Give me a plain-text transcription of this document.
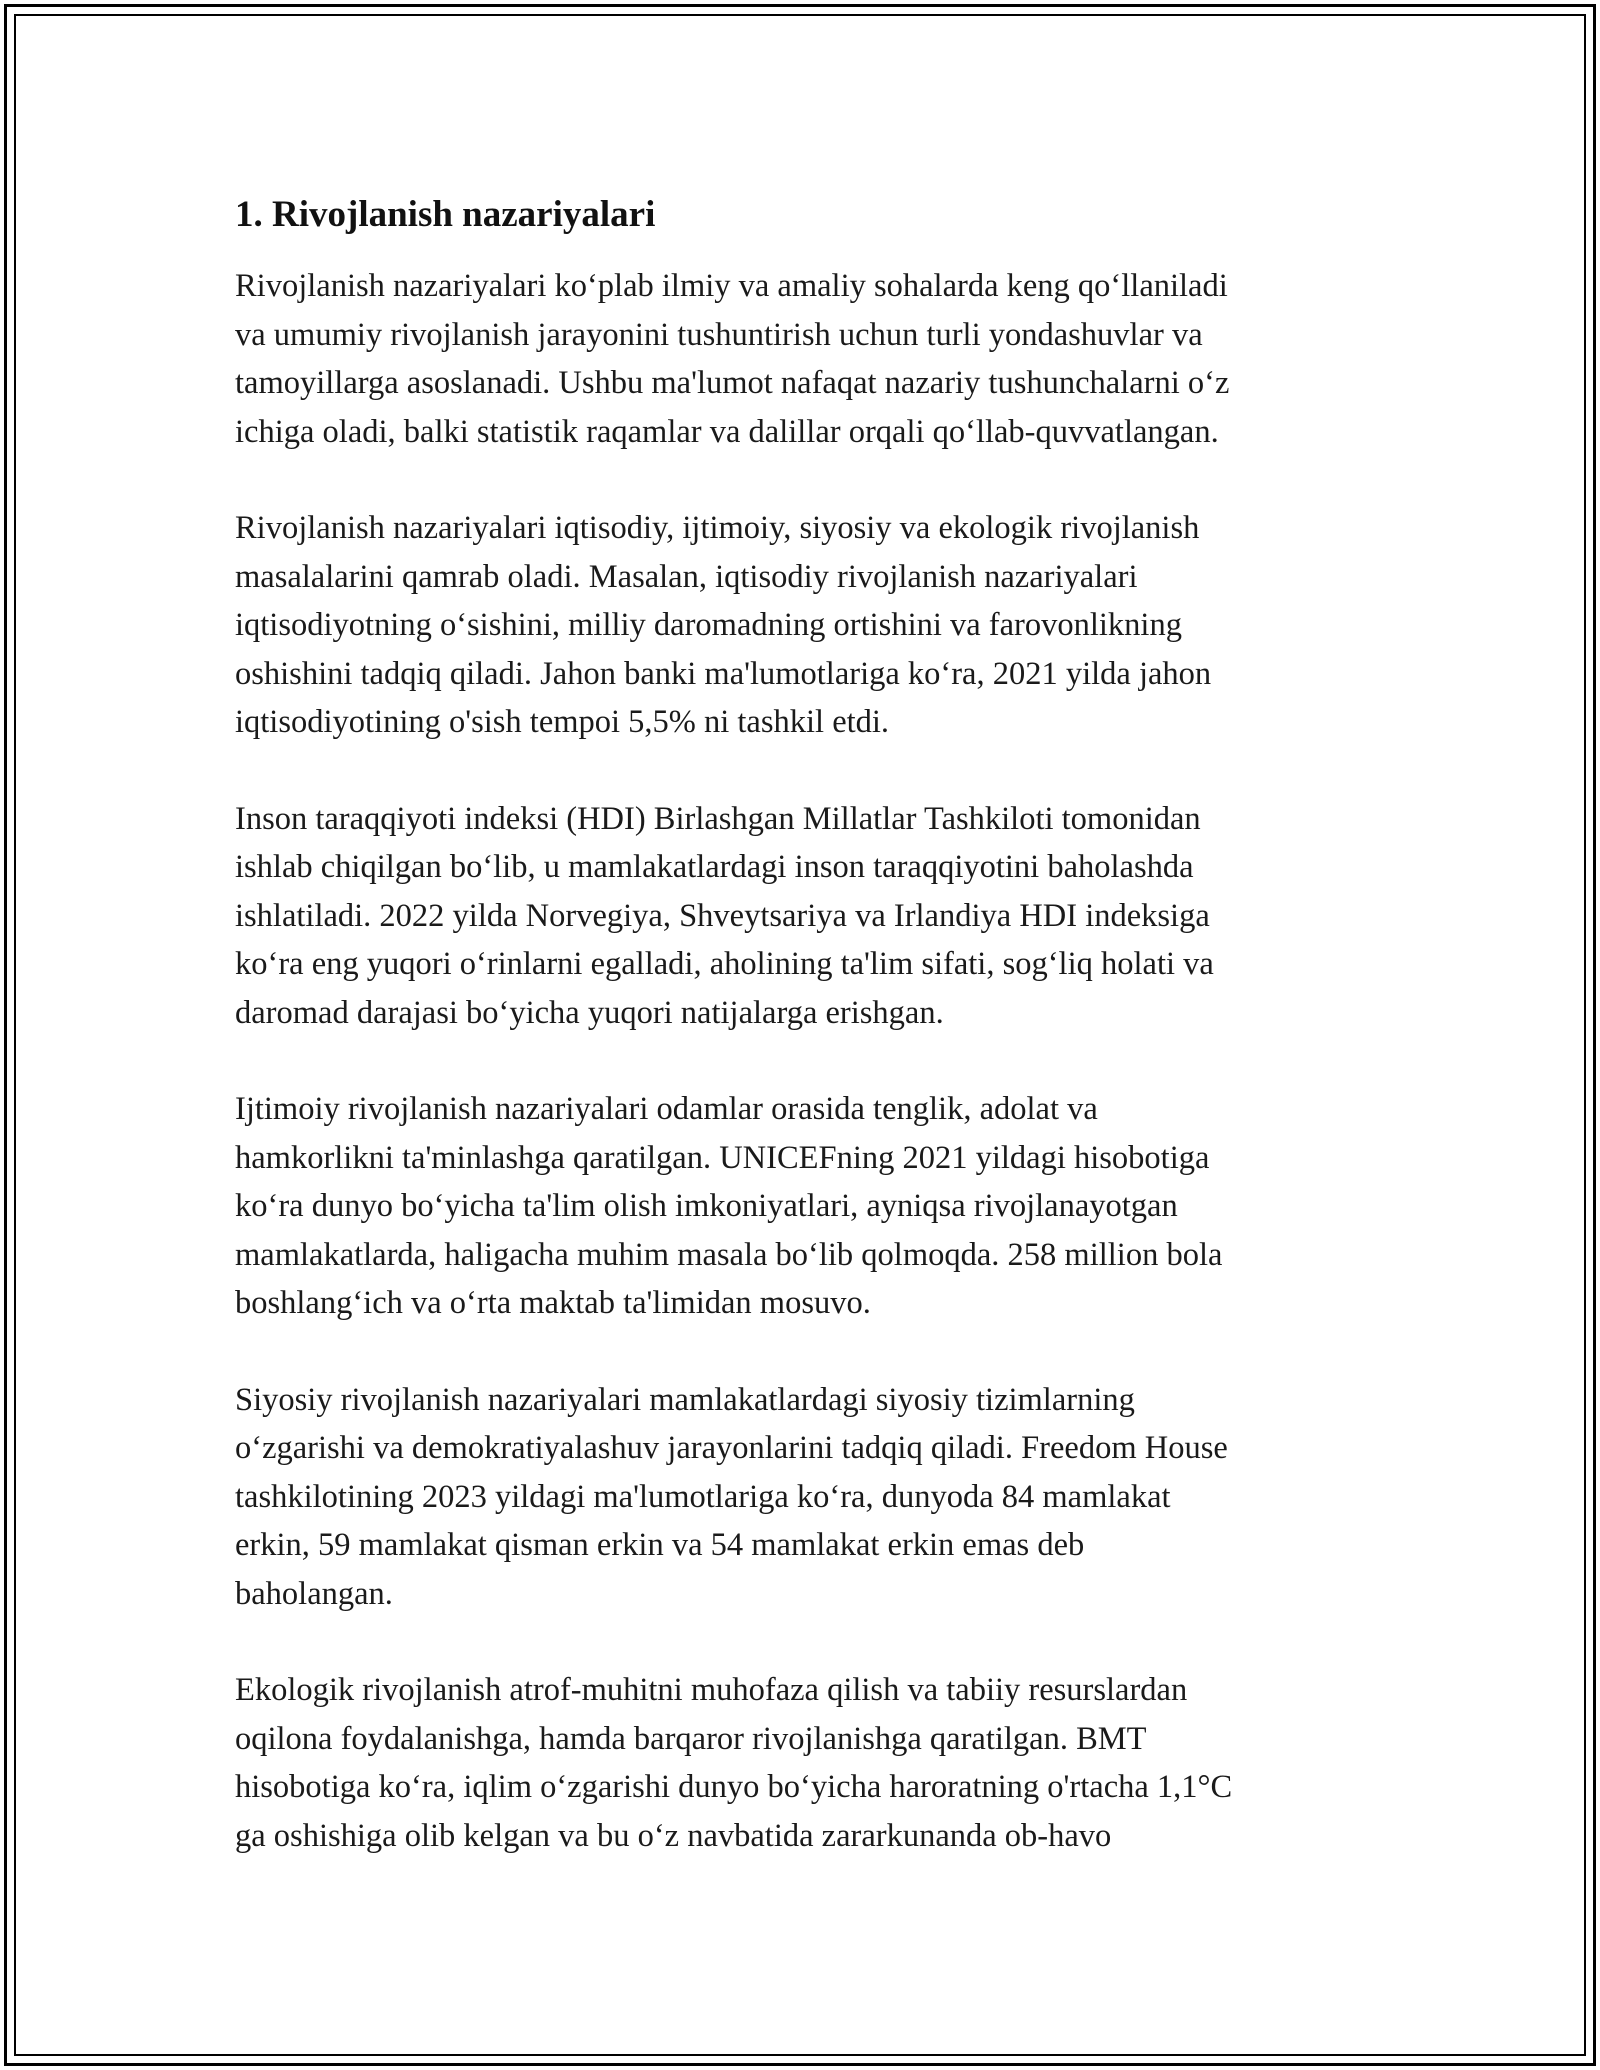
1. Rivojlanish nazariyalari

Rivojlanish nazariyalari ko‘plab ilmiy va amaliy sohalarda keng qo‘llaniladi
va umumiy rivojlanish jarayonini tushuntirish uchun turli yondashuvlar va
tamoyillarga asoslanadi. Ushbu ma'lumot nafaqat nazariy tushunchalarni o‘z
ichiga oladi, balki statistik raqamlar va dalillar orqali qo‘llab-quvvatlangan.

Rivojlanish nazariyalari iqtisodiy, ijtimoiy, siyosiy va ekologik rivojlanish
masalalarini qamrab oladi. Masalan, iqtisodiy rivojlanish nazariyalari
iqtisodiyotning o‘sishini, milliy daromadning ortishini va farovonlikning
oshishini tadqiq qiladi. Jahon banki ma'lumotlariga ko‘ra, 2021 yilda jahon
iqtisodiyotining o'sish tempoi 5,5% ni tashkil etdi.

Inson taraqqiyoti indeksi (HDI) Birlashgan Millatlar Tashkiloti tomonidan
ishlab chiqilgan bo‘lib, u mamlakatlardagi inson taraqqiyotini baholashda
ishlatiladi. 2022 yilda Norvegiya, Shveytsariya va Irlandiya HDI indeksiga
ko‘ra eng yuqori o‘rinlarni egalladi, aholining ta'lim sifati, sog‘liq holati va
daromad darajasi bo‘yicha yuqori natijalarga erishgan.

Ijtimoiy rivojlanish nazariyalari odamlar orasida tenglik, adolat va
hamkorlikni ta'minlashga qaratilgan. UNICEFning 2021 yildagi hisobotiga
ko‘ra dunyo bo‘yicha ta'lim olish imkoniyatlari, ayniqsa rivojlanayotgan
mamlakatlarda, haligacha muhim masala bo‘lib qolmoqda. 258 million bola
boshlang‘ich va o‘rta maktab ta'limidan mosuvo.

Siyosiy rivojlanish nazariyalari mamlakatlardagi siyosiy tizimlarning
o‘zgarishi va demokratiyalashuv jarayonlarini tadqiq qiladi. Freedom House
tashkilotining 2023 yildagi ma'lumotlariga ko‘ra, dunyoda 84 mamlakat
erkin, 59 mamlakat qisman erkin va 54 mamlakat erkin emas deb
baholangan.

Ekologik rivojlanish atrof-muhitni muhofaza qilish va tabiiy resurslardan
oqilona foydalanishga, hamda barqaror rivojlanishga qaratilgan. BMT
hisobotiga ko‘ra, iqlim o‘zgarishi dunyo bo‘yicha haroratning o'rtacha 1,1°C
ga oshishiga olib kelgan va bu o‘z navbatida zararkunanda ob-havo
